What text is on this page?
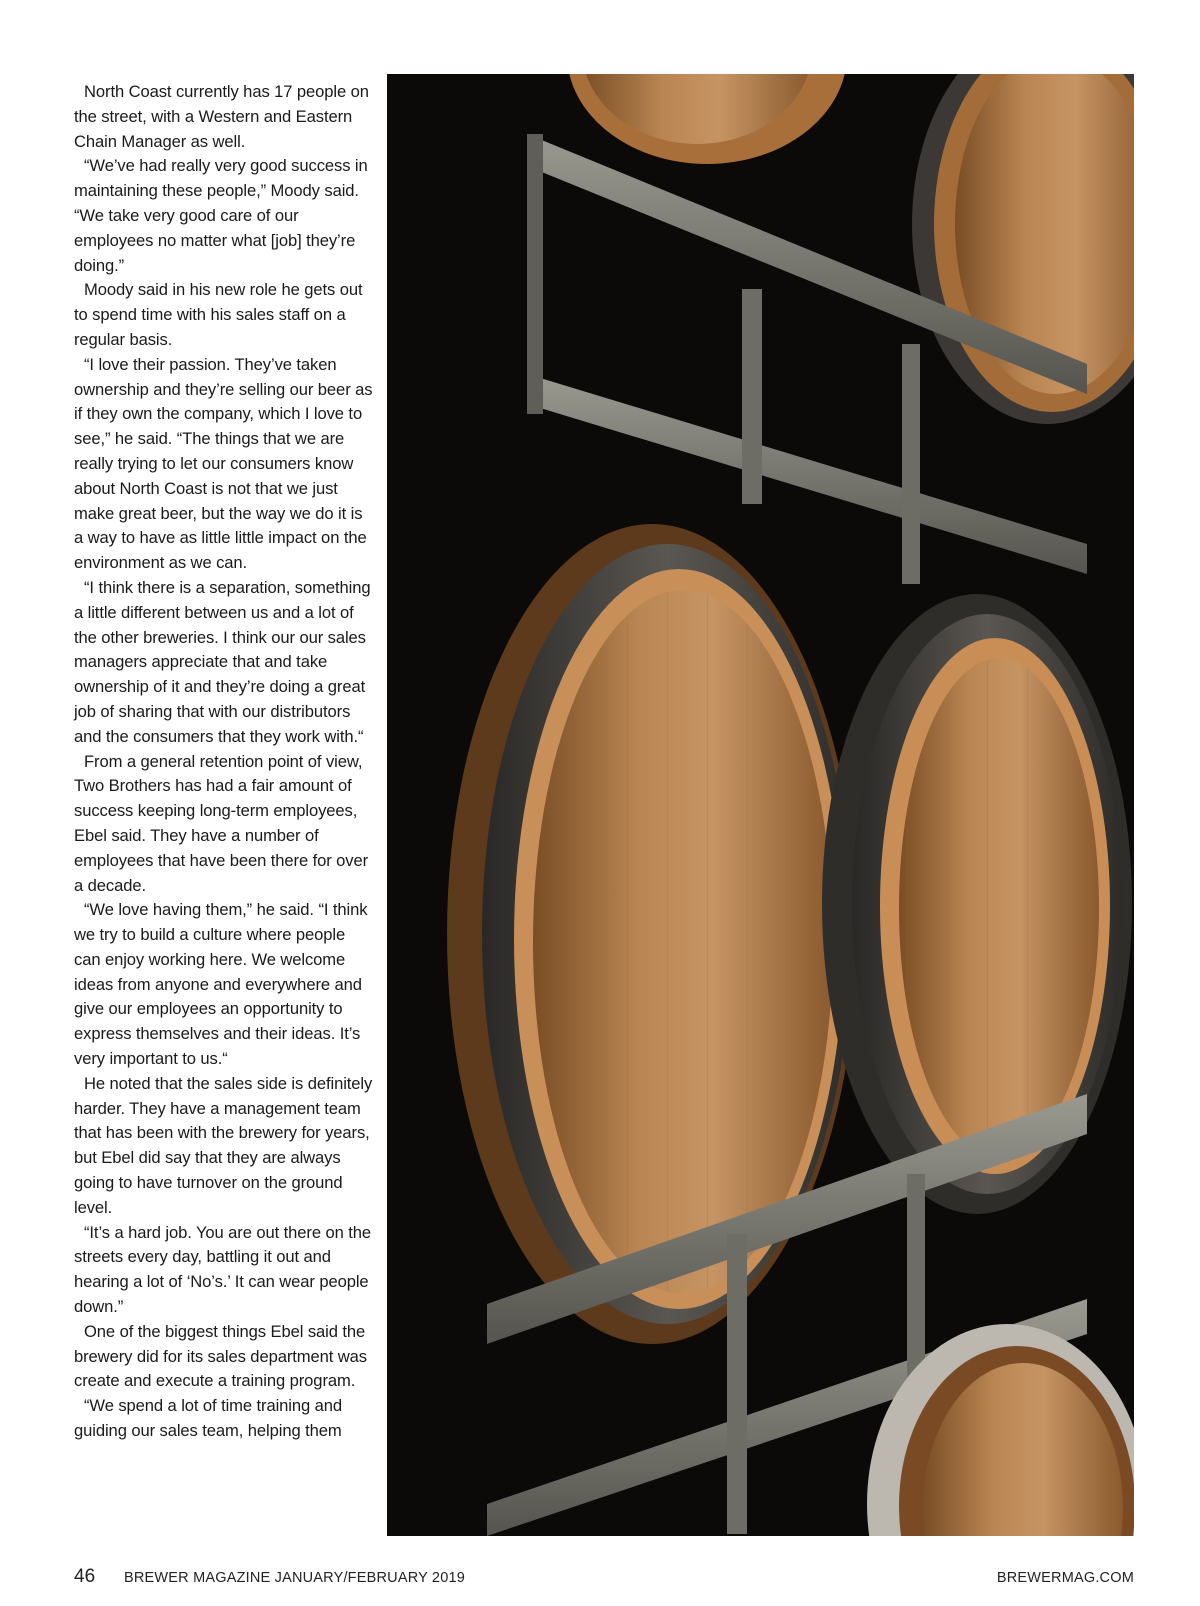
North Coast currently has 17 people on the street, with a Western and Eastern Chain Manager as well.

“We’ve had really very good success in maintaining these people,” Moody said. “We take very good care of our employees no matter what [job] they’re doing.”

Moody said in his new role he gets out to spend time with his sales staff on a regular basis.

“I love their passion. They’ve taken ownership and they’re selling our beer as if they own the company, which I love to see,” he said. “The things that we are really trying to let our consumers know about North Coast is not that we just make great beer, but the way we do it is a way to have as little little impact on the environment as we can.

“I think there is a separation, something a little different between us and a lot of the other breweries. I think our our sales managers appreciate that and take ownership of it and they’re doing a great job of sharing that with our distributors and the consumers that they work with.“

From a general retention point of view, Two Brothers has had a fair amount of success keeping long-term employees, Ebel said. They have a number of employees that have been there for over a decade.

“We love having them,” he said. “I think we try to build a culture where people can enjoy working here. We welcome ideas from anyone and everywhere and give our employees an opportunity to express themselves and their ideas. It’s very important to us.“

He noted that the sales side is definitely harder. They have a management team that has been with the brewery for years, but Ebel did say that they are always going to have turnover on the ground level.

“It’s a hard job. You are out there on the streets every day, battling it out and hearing a lot of ‘No’s.’ It can wear people down.”

One of the biggest things Ebel said the brewery did for its sales department was create and execute a training program.

“We spend a lot of time training and guiding our sales team, helping them

46 BREWER MAGAZINE JANUARY/FEBRUARY 2019	BREWERMAG.COM
